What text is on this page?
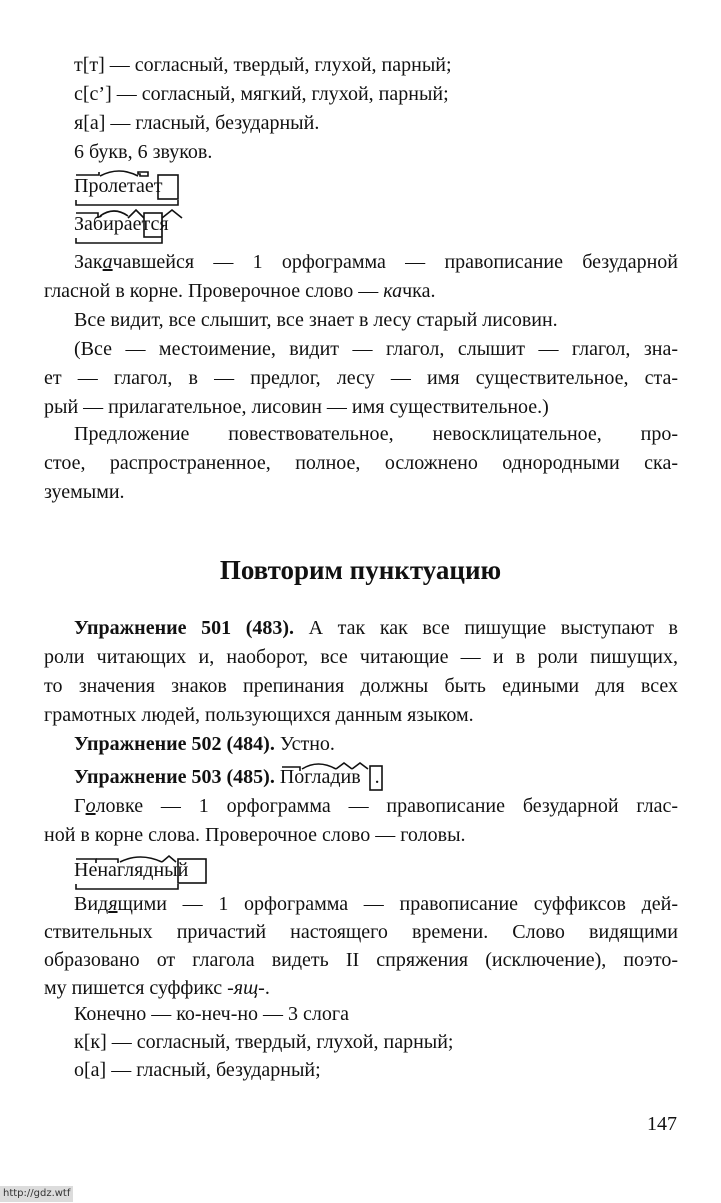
т[т] — согласный, твердый, глухой, парный;

с[с’] — согласный, мягкий, глухой, парный;

я[а] — гласный, безударный.

6 букв, 6 звуков.

Пролетает
Забирается

Закачавшейся — 1 орфограмма — правописание безударной

гласной в корне. Проверочное слово — качка.

Все видит, все слышит, все знает в лесу старый лисовин.

(Все — местоимение, видит — глагол, слышит — глагол, зна-

ет — глагол, в — предлог, лесу — имя существительное, ста-

рый — прилагательное, лисовин — имя существительное.)

Предложение повествовательное, невосклицательное, про-

стое, распространенное, полное, осложнено однородными ска-

зуемыми.

Повторим пунктуацию

Упражнение 501 (483). А так как все пишущие выступают в

роли читающих и, наоборот, все читающие — и в роли пишущих,

то значения знаков препинания должны быть едиными для всех

грамотных людей, пользующихся данным языком.

Упражнение 502 (484). Устно.

Упражнение 503 (485). Погладив .

Головке — 1 орфограмма — правописание безударной глас-

ной в корне слова. Проверочное слово — головы.

Ненаглядный

Видящими — 1 орфограмма — правописание суффиксов дей-

ствительных причастий настоящего времени. Слово видящими

образовано от глагола видеть II спряжения (исключение), поэто-

му пишется суффикс -ящ-.

Конечно — ко-неч-но — 3 слога

к[к] — согласный, твердый, глухой, парный;

о[а] — гласный, безударный;

147
http://gdz.wtf
